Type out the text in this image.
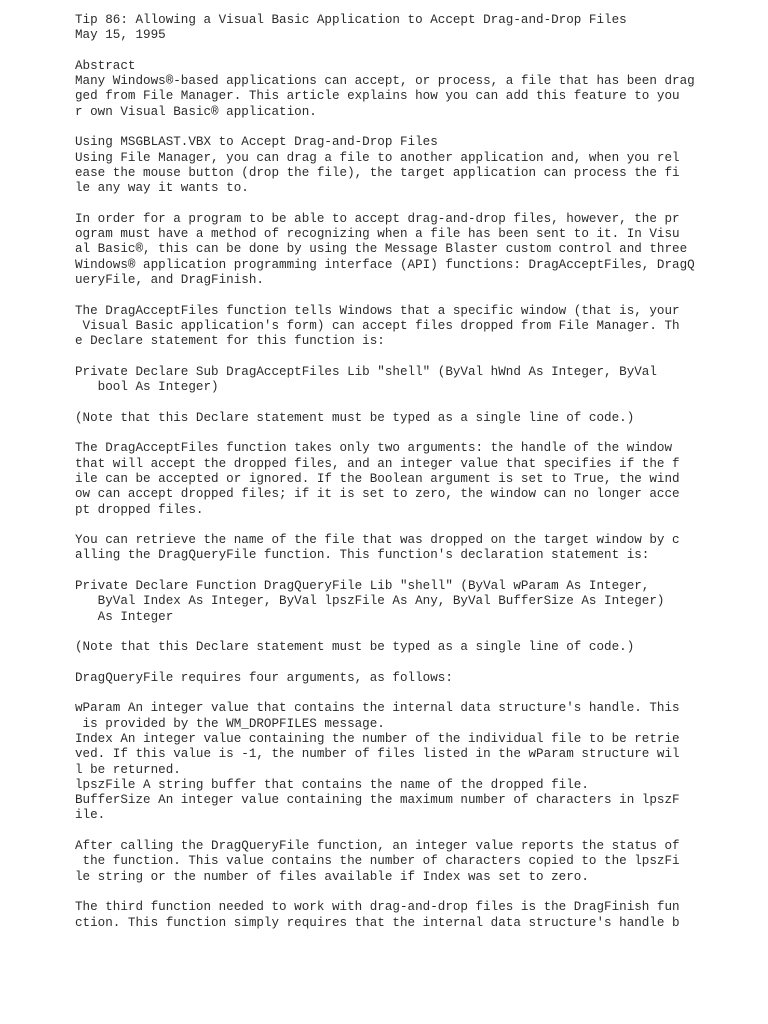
Tip 86: Allowing a Visual Basic Application to Accept Drag-and-Drop Files
May 15, 1995
Abstract
Many Windows®-based applications can accept, or process, a file that has been drag
ged from File Manager. This article explains how you can add this feature to you
r own Visual Basic® application.
Using MSGBLAST.VBX to Accept Drag-and-Drop Files
Using File Manager, you can drag a file to another application and, when you rel
ease the mouse button (drop the file), the target application can process the fi
le any way it wants to.
In order for a program to be able to accept drag-and-drop files, however, the pr
ogram must have a method of recognizing when a file has been sent to it. In Visu
al Basic®, this can be done by using the Message Blaster custom control and three
Windows® application programming interface (API) functions: DragAcceptFiles, DragQ
ueryFile, and DragFinish.
The DragAcceptFiles function tells Windows that a specific window (that is, your
Visual Basic application's form) can accept files dropped from File Manager. Th
e Declare statement for this function is:
Private Declare Sub DragAcceptFiles Lib "shell" (ByVal hWnd As Integer, ByVal
bool As Integer)
(Note that this Declare statement must be typed as a single line of code.)
The DragAcceptFiles function takes only two arguments: the handle of the window
that will accept the dropped files, and an integer value that specifies if the f
ile can be accepted or ignored. If the Boolean argument is set to True, the wind
ow can accept dropped files; if it is set to zero, the window can no longer acce
pt dropped files.
You can retrieve the name of the file that was dropped on the target window by c
alling the DragQueryFile function. This function's declaration statement is:
Private Declare Function DragQueryFile Lib "shell" (ByVal wParam As Integer,
ByVal Index As Integer, ByVal lpszFile As Any, ByVal BufferSize As Integer)
As Integer
(Note that this Declare statement must be typed as a single line of code.)
DragQueryFile requires four arguments, as follows:
wParam An integer value that contains the internal data structure's handle. This
is provided by the WM_DROPFILES message.
Index An integer value containing the number of the individual file to be retrie
ved. If this value is -1, the number of files listed in the wParam structure wil
l be returned.
lpszFile A string buffer that contains the name of the dropped file.
BufferSize An integer value containing the maximum number of characters in lpszF
ile.
After calling the DragQueryFile function, an integer value reports the status of
the function. This value contains the number of characters copied to the lpszFi
le string or the number of files available if Index was set to zero.
The third function needed to work with drag-and-drop files is the DragFinish fun
ction. This function simply requires that the internal data structure's handle b
